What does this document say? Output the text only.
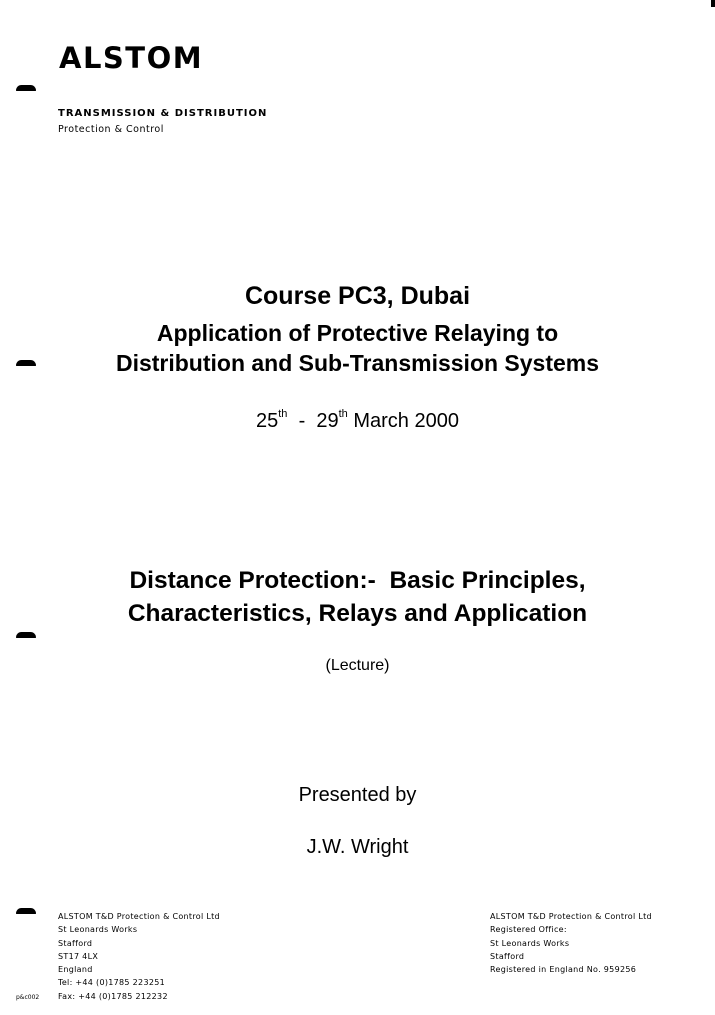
ALSTOM
TRANSMISSION & DISTRIBUTION
Protection & Control
Course PC3, Dubai
Application of Protective Relaying to
Distribution and Sub-Transmission Systems
25th - 29th March 2000
Distance Protection:-  Basic Principles,
Characteristics, Relays and Application
(Lecture)
Presented by
J.W. Wright
ALSTOM T&D Protection & Control Ltd
St Leonards Works
Stafford
ST17 4LX
England
Tel: +44 (0)1785 223251
Fax: +44 (0)1785 212232
ALSTOM T&D Protection & Control Ltd
Registered Office:
St Leonards Works
Stafford
Registered in England No. 959256
p&c002
